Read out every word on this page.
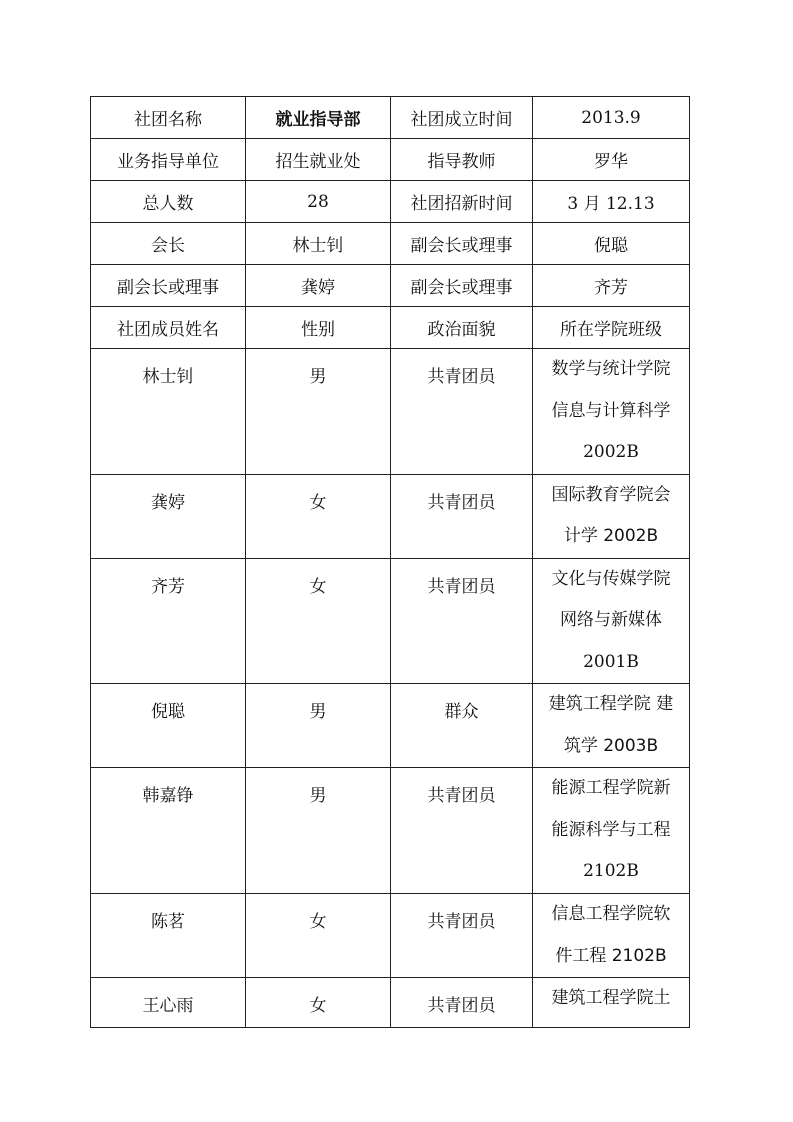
社团名称	就业指导部	社团成立时间	2013.9
业务指导单位	招生就业处	指导教师	罗华
总人数	28	社团招新时间	3 月 12.13
会长	林士钊	副会长或理事	倪聪
副会长或理事	龚婷	副会长或理事	齐芳
社团成员姓名	性别	政治面貌	所在学院班级
林士钊	男	共青团员	数学与统计学院
信息与计算科学
2002B

龚婷	女	共青团员	国际教育学院会
计学 2002B

齐芳	女	共青团员	文化与传媒学院
网络与新媒体
2001B

倪聪	男	群众	建筑工程学院 建
筑学 2003B

韩嘉铮	男	共青团员	能源工程学院新
能源科学与工程
2102B

陈茗	女	共青团员	信息工程学院软
件工程 2102B

王心雨	女	共青团员	建筑工程学院土
